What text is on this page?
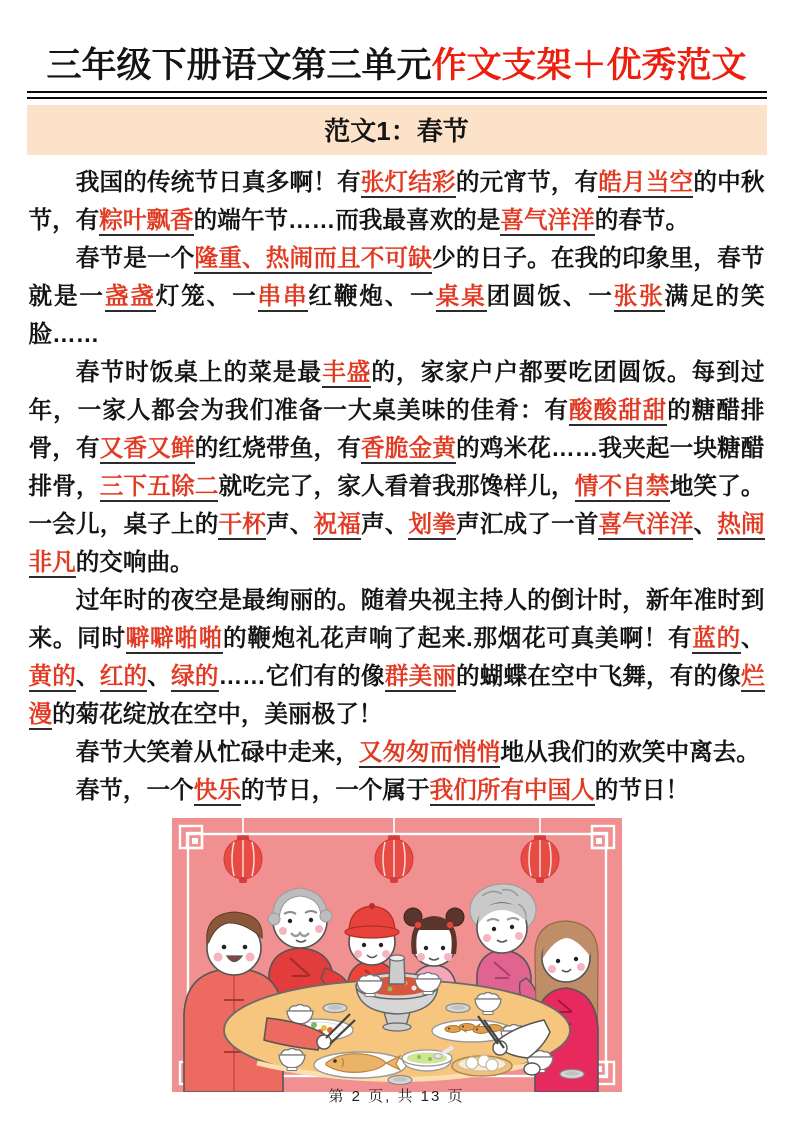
三年级下册语文第三单元作文支架＋优秀范文
范文1：春节

我国的传统节日真多啊！有张灯结彩的元宵节，有皓月当空的中秋节，有粽叶飘香的端午节……而我最喜欢的是喜气洋洋的春节。

春节是一个隆重、热闹而且不可缺少的日子。在我的印象里，春节就是一盏盏灯笼、一串串红鞭炮、一桌桌团圆饭、一张张满足的笑脸……

春节时饭桌上的菜是最丰盛的，家家户户都要吃团圆饭。每到过年，一家人都会为我们准备一大桌美味的佳肴：有酸酸甜甜的糖醋排骨，有又香又鲜的红烧带鱼，有香脆金黄的鸡米花……我夹起一块糖醋排骨，三下五除二就吃完了，家人看着我那馋样儿，情不自禁地笑了。一会儿，桌子上的干杯声、祝福声、划拳声汇成了一首喜气洋洋、热闹非凡的交响曲。

过年时的夜空是最绚丽的。随着央视主持人的倒计时，新年准时到来。同时噼噼啪啪的鞭炮礼花声响了起来.那烟花可真美啊！有蓝的、黄的、红的、绿的……它们有的像群美丽的蝴蝶在空中飞舞，有的像烂漫的菊花绽放在空中，美丽极了！

春节大笑着从忙碌中走来，又匆匆而悄悄地从我们的欢笑中离去。

春节，一个快乐的节日，一个属于我们所有中国人的节日！

第 2 页, 共 13 页
